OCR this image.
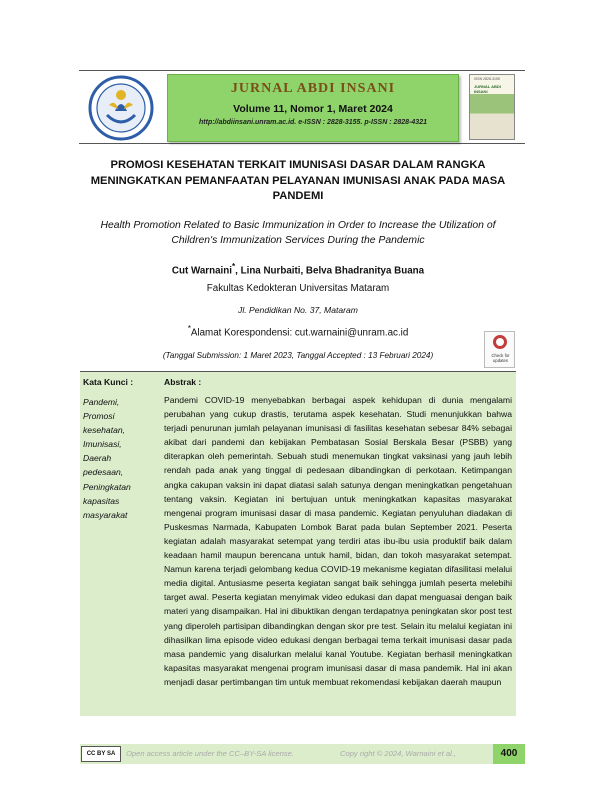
JURNAL ABDI INSANI
Volume 11, Nomor 1, Maret 2024
http://abdiinsani.unram.ac.id. e-ISSN : 2828-3155. p-ISSN : 2828-4321
ISSN 2828-3155
JURNAL ABDI INSANI
PROMOSI KESEHATAN TERKAIT IMUNISASI DASAR DALAM RANGKA MENINGKATKAN PEMANFAATAN PELAYANAN IMUNISASI ANAK PADA MASA PANDEMI
Health Promotion Related to Basic Immunization in Order to Increase the Utilization of Children's Immunization Services During the Pandemic
Cut Warnaini*, Lina Nurbaiti, Belva Bhadranitya Buana
Fakultas Kedokteran Universitas Mataram
Jl. Pendidikan No. 37, Mataram
*Alamat Korespondensi: cut.warnaini@unram.ac.id
(Tanggal Submission: 1 Maret 2023, Tanggal Accepted : 13 Februari 2024)	Check for updates
Kata Kunci :
Pandemi,
Promosi
kesehatan,
Imunisasi,
Daerah
pedesaan,
Peningkatan
kapasitas
masyarakat
Abstrak :
Pandemi COVID-19 menyebabkan berbagai aspek kehidupan di dunia mengalami perubahan yang cukup drastis, terutama aspek kesehatan. Studi menunjukkan bahwa terjadi penurunan jumlah pelayanan imunisasi di fasilitas kesehatan sebesar 84% sebagai akibat dari pandemi dan kebijakan Pembatasan Sosial Berskala Besar (PSBB) yang diterapkan oleh pemerintah. Sebuah studi menemukan tingkat vaksinasi yang jauh lebih rendah pada anak yang tinggal di pedesaan dibandingkan di perkotaan. Ketimpangan angka cakupan vaksin ini dapat diatasi salah satunya dengan meningkatkan pengetahuan tentang vaksin. Kegiatan ini bertujuan untuk meningkatkan kapasitas masyarakat mengenai program imunisasi dasar di masa pandemic. Kegiatan penyuluhan diadakan di Puskesmas Narmada, Kabupaten Lombok Barat pada bulan September 2021. Peserta kegiatan adalah masyarakat setempat yang terdiri atas ibu-ibu usia produktif baik dalam keadaan hamil maupun berencana untuk hamil, bidan, dan tokoh masyarakat setempat. Namun karena terjadi gelombang kedua COVID-19 mekanisme kegiatan difasilitasi melalui media digital. Antusiasme peserta kegiatan sangat baik sehingga jumlah peserta melebihi target awal. Peserta kegiatan menyimak video edukasi dan dapat menguasai dengan baik materi yang disampaikan. Hal ini dibuktikan dengan terdapatnya peningkatan skor post test yang diperoleh partisipan dibandingkan dengan skor pre test. Selain itu melalui kegiatan ini dihasilkan lima episode video edukasi dengan berbagai tema terkait imunisasi dasar pada masa pandemic yang disalurkan melalui kanal Youtube. Kegiatan berhasil meningkatkan kapasitas masyarakat mengenai program imunisasi dasar di masa pandemik. Hal ini akan menjadi dasar pertimbangan tim untuk membuat rekomendasi kebijakan daerah maupun
CC BY SA	Open access article under the CC–BY-SA license.	Copy right © 2024, Warnaini et al.,	400
